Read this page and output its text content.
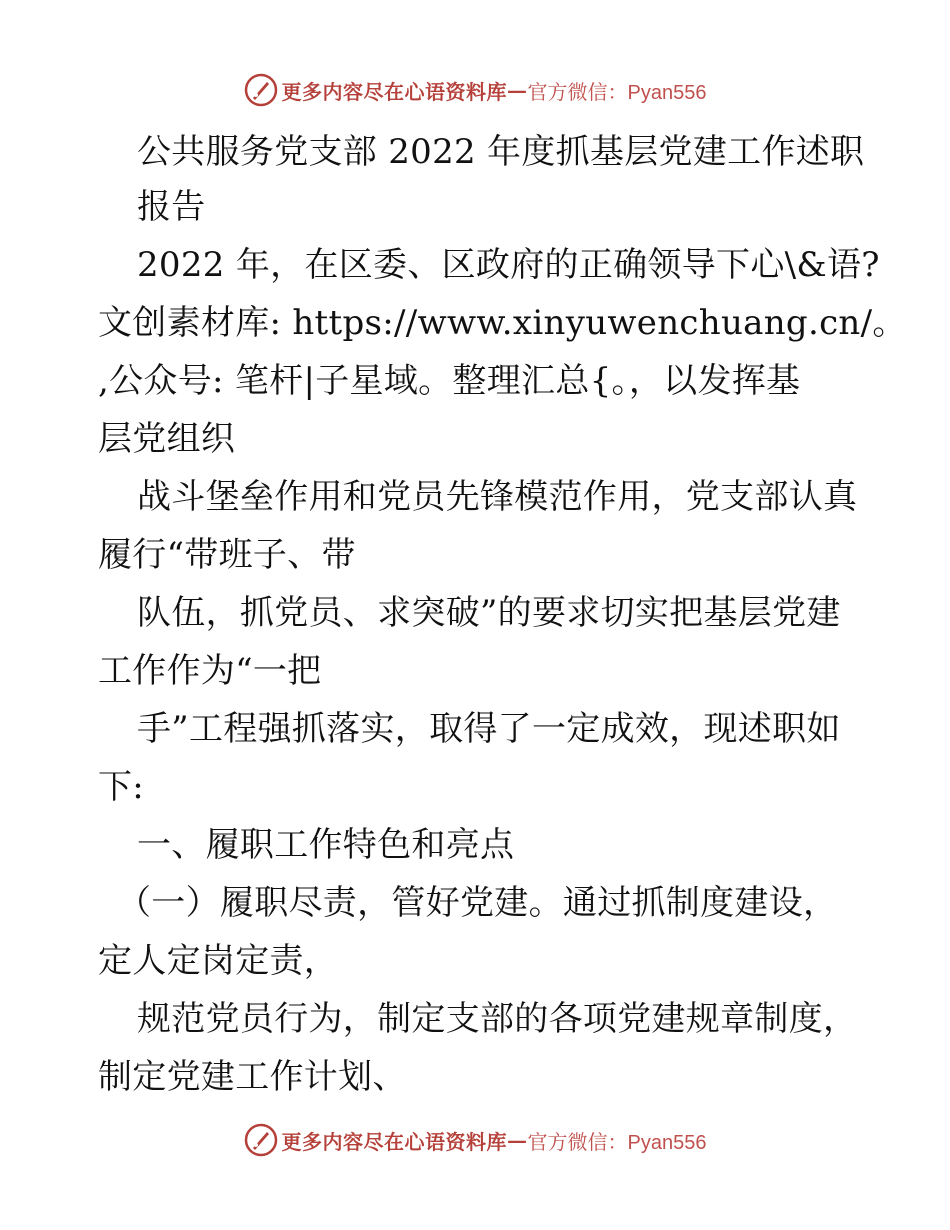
更多内容尽在心语资料库 — 官方微信：Pyan556
公共服务党支部 2022 年度抓基层党建工作述职
报告
2022 年，在区委、区政府的正确领导下心\&语?
文创素材库: https://www.xinyuwenchuang.cn/。
,公众号: 笔杆|子星域。整理汇总{。，以发挥基
层党组织
战斗堡垒作用和党员先锋模范作用，党支部认真
履行“带班子、带
队伍，抓党员、求突破”的要求切实把基层党建
工作作为“一把
手”工程强抓落实，取得了一定成效，现述职如
下:
一、履职工作特色和亮点
（一）履职尽责，管好党建。通过抓制度建设，
定人定岗定责，
规范党员行为，制定支部的各项党建规章制度，
制定党建工作计划、
更多内容尽在心语资料库 — 官方微信：Pyan556
